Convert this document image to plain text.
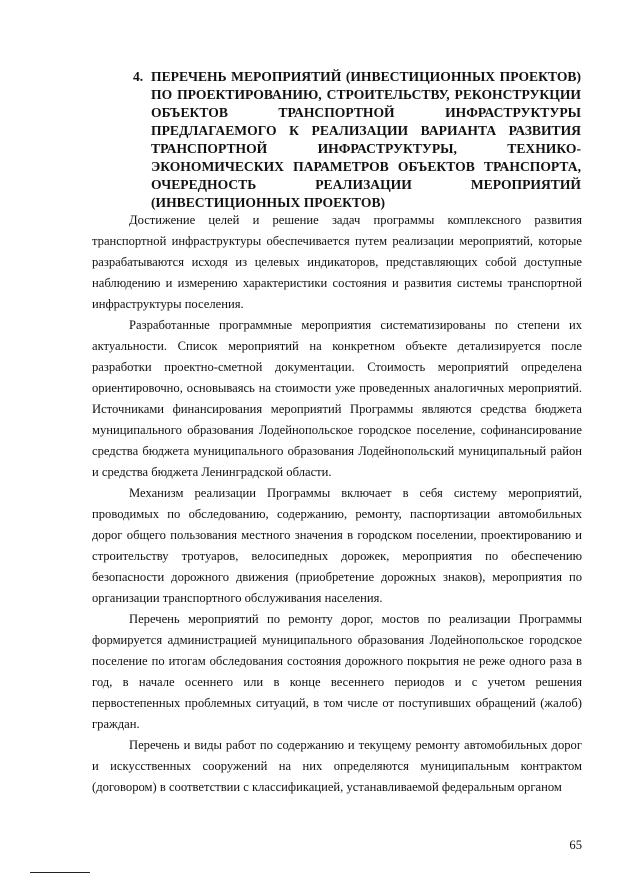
4. ПЕРЕЧЕНЬ МЕРОПРИЯТИЙ (ИНВЕСТИЦИОННЫХ ПРОЕКТОВ) ПО ПРОЕКТИРОВАНИЮ, СТРОИТЕЛЬСТВУ, РЕКОНСТРУКЦИИ ОБЪЕКТОВ ТРАНСПОРТНОЙ ИНФРАСТРУКТУРЫ ПРЕДЛАГАЕМОГО К РЕАЛИЗАЦИИ ВАРИАНТА РАЗВИТИЯ ТРАНСПОРТНОЙ ИНФРАСТРУКТУРЫ, ТЕХНИКО-ЭКОНОМИЧЕСКИХ ПАРАМЕТРОВ ОБЪЕКТОВ ТРАНСПОРТА, ОЧЕРЕДНОСТЬ РЕАЛИЗАЦИИ МЕРОПРИЯТИЙ (ИНВЕСТИЦИОННЫХ ПРОЕКТОВ)

Достижение целей и решение задач программы комплексного развития транспортной инфраструктуры обеспечивается путем реализации мероприятий, которые разрабатываются исходя из целевых индикаторов, представляющих собой доступные наблюдению и измерению характеристики состояния и развития системы транспортной инфраструктуры поселения.

Разработанные программные мероприятия систематизированы по степени их актуальности. Список мероприятий на конкретном объекте детализируется после разработки проектно-сметной документации. Стоимость мероприятий определена ориентировочно, основываясь на стоимости уже проведенных аналогичных мероприятий. Источниками финансирования мероприятий Программы являются средства бюджета муниципального образования Лодейнопольское городское поселение, софинансирование средства бюджета муниципального образования Лодейнопольский муниципальный район и средства бюджета Ленинградской области.

Механизм реализации Программы включает в себя систему мероприятий, проводимых по обследованию, содержанию, ремонту, паспортизации автомобильных дорог общего пользования местного значения в городском поселении, проектированию и строительству тротуаров, велосипедных дорожек, мероприятия по обеспечению безопасности дорожного движения (приобретение дорожных знаков), мероприятия по организации транспортного обслуживания населения.

Перечень мероприятий по ремонту дорог, мостов по реализации Программы формируется администрацией муниципального образования Лодейнопольское городское поселение по итогам обследования состояния дорожного покрытия не реже одного раза в год, в начале осеннего или в конце весеннего периодов и с учетом решения первостепенных проблемных ситуаций, в том числе от поступивших обращений (жалоб) граждан.

Перечень и виды работ по содержанию и текущему ремонту автомобильных дорог и искусственных сооружений на них определяются муниципальным контрактом (договором) в соответствии с классификацией, устанавливаемой федеральным органом

65
